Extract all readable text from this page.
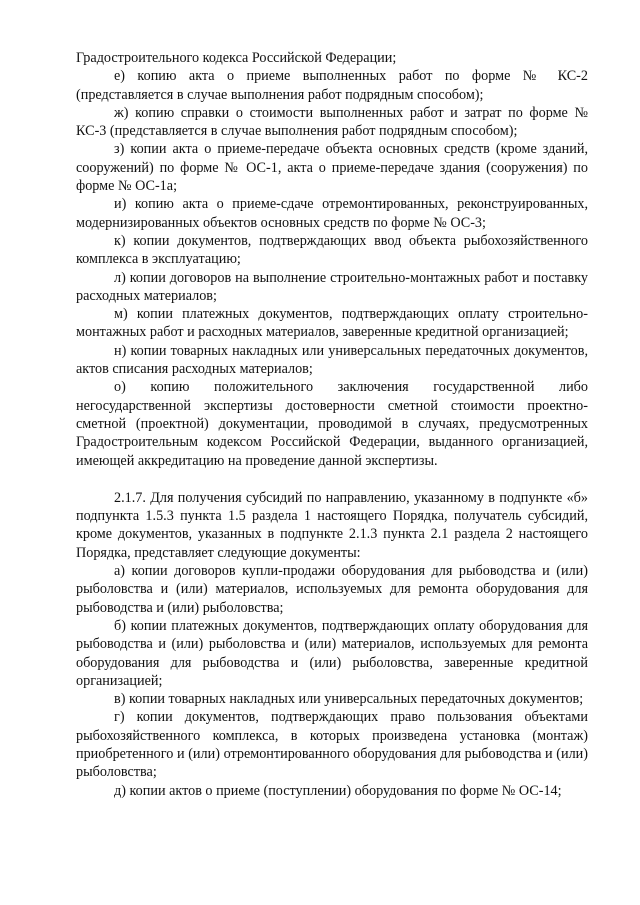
Градостроительного кодекса Российской Федерации;

е) копию акта о приеме выполненных работ по форме № КС-2 (представляется в случае выполнения работ подрядным способом);

ж) копию справки о стоимости выполненных работ и затрат по форме № КС-3 (представляется в случае выполнения работ подрядным способом);

з) копии акта о приеме-передаче объекта основных средств (кроме зданий, сооружений) по форме № ОС-1, акта о приеме-передаче здания (сооружения) по форме № ОС-1а;

и) копию акта о приеме-сдаче отремонтированных, реконструированных, модернизированных объектов основных средств по форме № ОС-3;

к) копии документов, подтверждающих ввод объекта рыбохозяйственного комплекса в эксплуатацию;

л) копии договоров на выполнение строительно-монтажных работ и поставку расходных материалов;

м) копии платежных документов, подтверждающих оплату строительно-монтажных работ и расходных материалов, заверенные кредитной организацией;

н) копии товарных накладных или универсальных передаточных документов, актов списания расходных материалов;

о) копию положительного заключения государственной либо негосударственной экспертизы достоверности сметной стоимости проектно-сметной (проектной) документации, проводимой в случаях, предусмотренных Градостроительным кодексом Российской Федерации, выданного организацией, имеющей аккредитацию на проведение данной экспертизы.

2.1.7. Для получения субсидий по направлению, указанному в подпункте «б» подпункта 1.5.3 пункта 1.5 раздела 1 настоящего Порядка, получатель субсидий, кроме документов, указанных в подпункте 2.1.3 пункта 2.1 раздела 2 настоящего Порядка, представляет следующие документы:

а) копии договоров купли-продажи оборудования для рыбоводства и (или) рыболовства и (или) материалов, используемых для ремонта оборудования для рыбоводства и (или) рыболовства;

б) копии платежных документов, подтверждающих оплату оборудования для рыбоводства и (или) рыболовства и (или) материалов, используемых для ремонта оборудования для рыбоводства и (или) рыболовства, заверенные кредитной организацией;

в) копии товарных накладных или универсальных передаточных документов;

г) копии документов, подтверждающих право пользования объектами рыбохозяйственного комплекса, в которых произведена установка (монтаж) приобретенного и (или) отремонтированного оборудования для рыбоводства и (или) рыболовства;

д) копии актов о приеме (поступлении) оборудования по форме № ОС-14;
